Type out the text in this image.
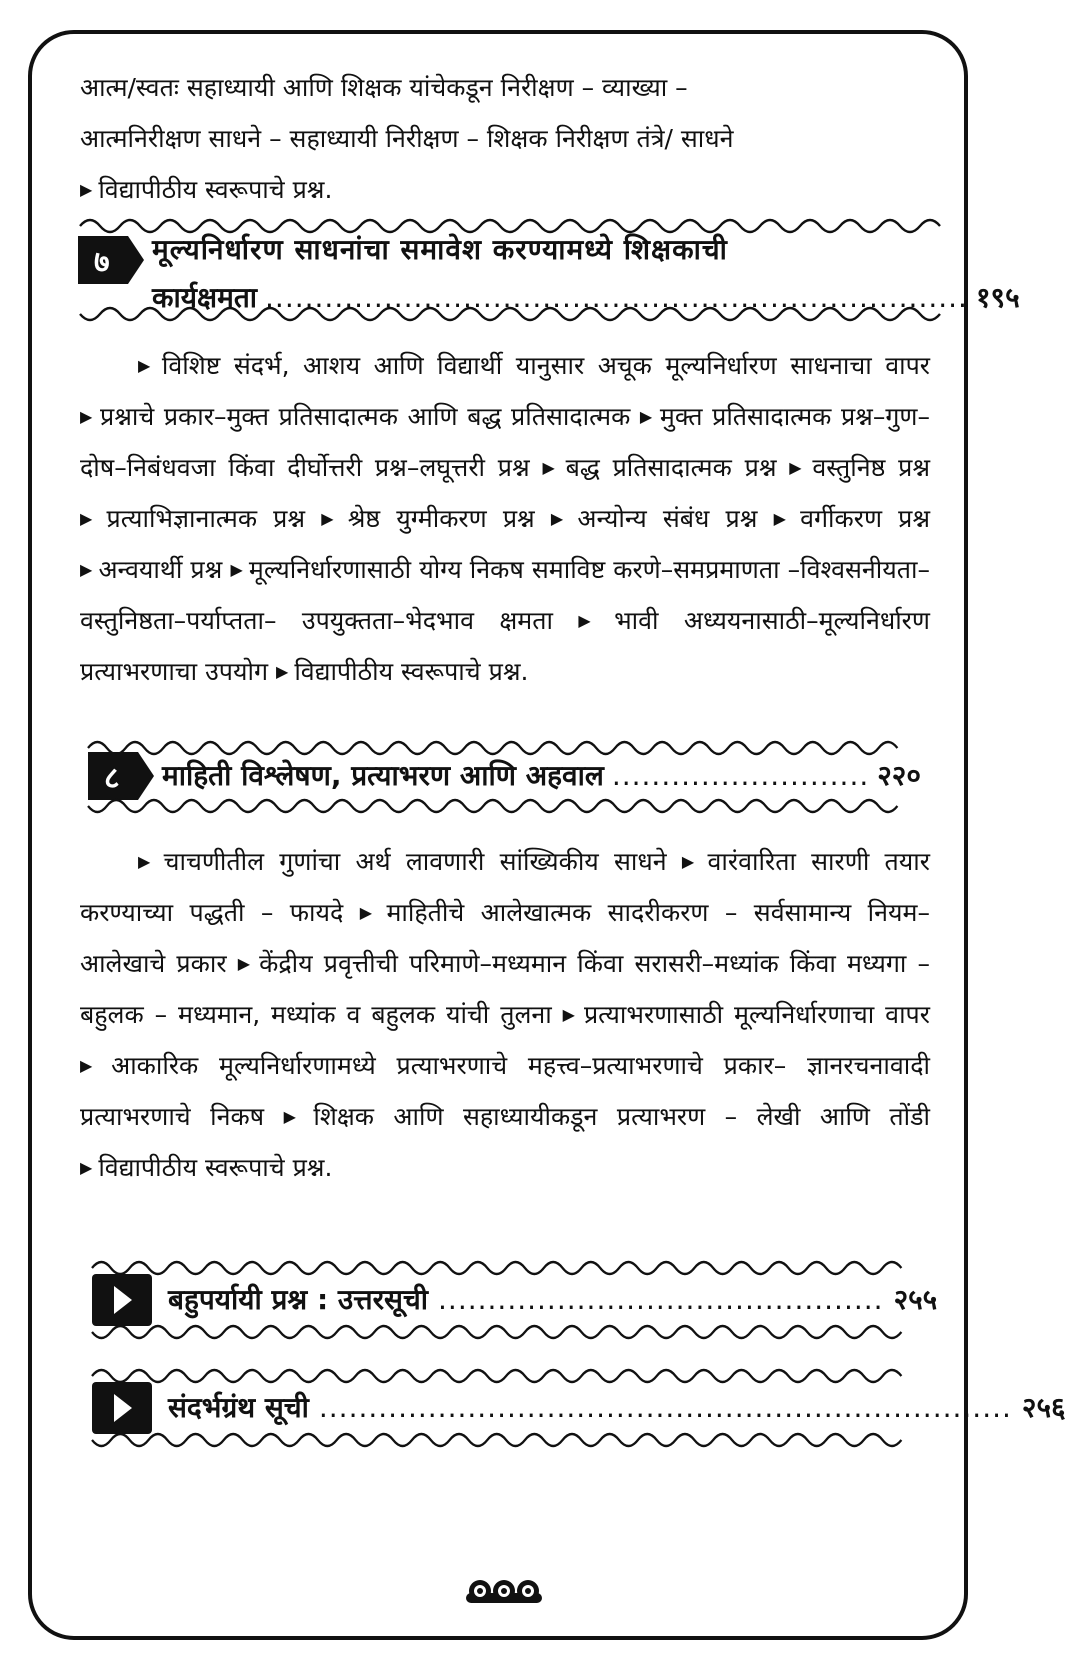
आत्म/स्वतः सहाध्यायी आणि शिक्षक यांचेकडून निरीक्षण – व्याख्या –
आत्मनिरीक्षण साधने – सहाध्यायी निरीक्षण – शिक्षक निरीक्षण तंत्रे/ साधने
▶ विद्यापीठीय स्वरूपाचे प्रश्न.
७ मूल्यनिर्धारण साधनांचा समावेश करण्यामध्ये शिक्षकाची
कार्यक्षमता ....................................................................... १९५

▶ विशिष्ट संदर्भ, आशय आणि विद्यार्थी यानुसार अचूक मूल्यनिर्धारण साधनाचा वापर ▶ प्रश्नाचे प्रकार–मुक्त प्रतिसादात्मक आणि बद्ध प्रतिसादात्मक ▶ मुक्त प्रतिसादात्मक प्रश्न–गुण–दोष–निबंधवजा किंवा दीर्घोत्तरी प्रश्न–लघूत्तरी प्रश्न ▶ बद्ध प्रतिसादात्मक प्रश्न ▶ वस्तुनिष्ठ प्रश्न ▶ प्रत्याभिज्ञानात्मक प्रश्न ▶ श्रेष्ठ युग्मीकरण प्रश्न ▶ अन्योन्य संबंध प्रश्न ▶ वर्गीकरण प्रश्न ▶ अन्वयार्थी प्रश्न ▶ मूल्यनिर्धारणासाठी योग्य निकष समाविष्ट करणे–समप्रमाणता –विश्वसनीयता–वस्तुनिष्ठता–पर्याप्तता– उपयुक्तता–भेदभाव क्षमता ▶ भावी अध्ययनासाठी–मूल्यनिर्धारण प्रत्याभरणाचा उपयोग ▶ विद्यापीठीय स्वरूपाचे प्रश्न.

८ माहिती विश्लेषण, प्रत्याभरण आणि अहवाल .......................... २२०

▶ चाचणीतील गुणांचा अर्थ लावणारी सांख्यिकीय साधने ▶ वारंवारिता सारणी तयार करण्याच्या पद्धती – फायदे ▶ माहितीचे आलेखात्मक सादरीकरण – सर्वसामान्य नियम– आलेखाचे प्रकार ▶ केंद्रीय प्रवृत्तीची परिमाणे–मध्यमान किंवा सरासरी–मध्यांक किंवा मध्यगा – बहुलक – मध्यमान, मध्यांक व बहुलक यांची तुलना ▶ प्रत्याभरणासाठी मूल्यनिर्धारणाचा वापर ▶ आकारिक मूल्यनिर्धारणामध्ये प्रत्याभरणाचे महत्त्व–प्रत्याभरणाचे प्रकार– ज्ञानरचनावादी प्रत्याभरणाचे निकष ▶ शिक्षक आणि सहाध्यायीकडून प्रत्याभरण – लेखी आणि तोंडी ▶ विद्यापीठीय स्वरूपाचे प्रश्न.

बहुपर्यायी प्रश्न : उत्तरसूची ............................................. २५५
संदर्भग्रंथ सूची ...................................................................... २५६
